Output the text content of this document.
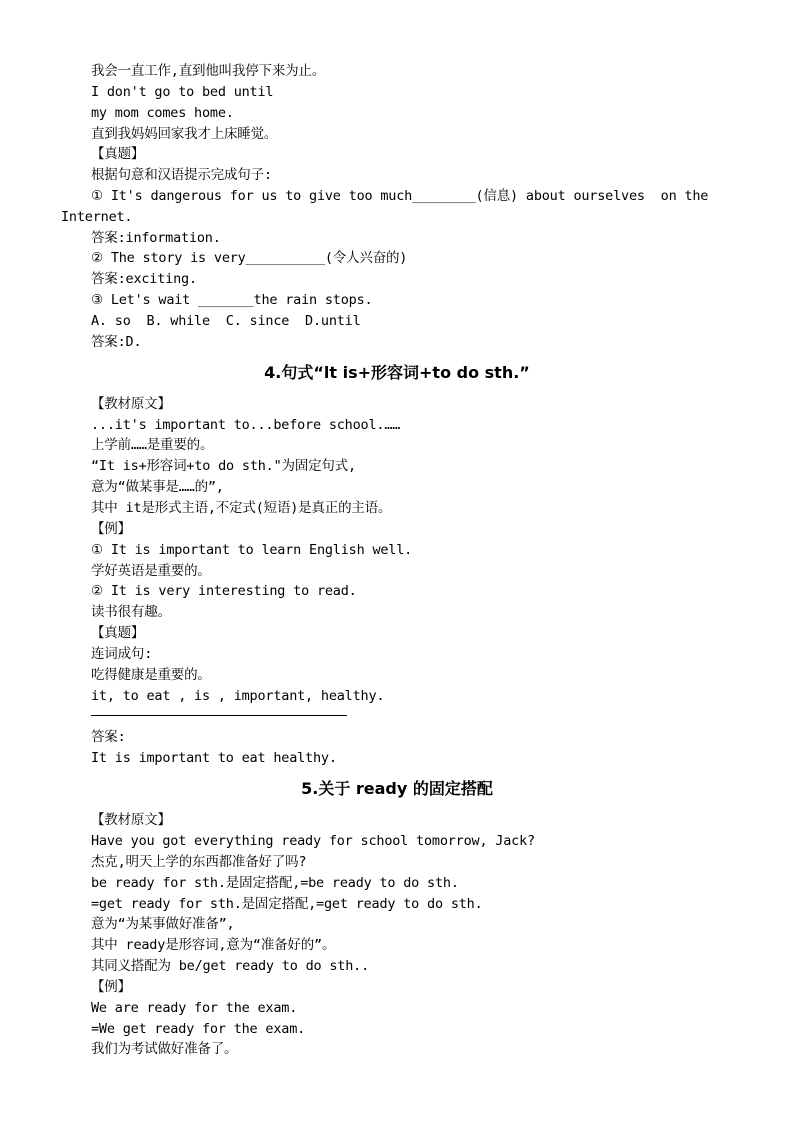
我会一直工作,直到他叫我停下来为止。

I don't go to bed until

my mom comes home.

直到我妈妈回家我才上床睡觉。

【真题】

根据句意和汉语提示完成句子:

① It's dangerous for us to give too much________(信息) about ourselves  on the

Internet.

答案:information.

② The story is very__________(令人兴奋的)

答案:exciting.

③ Let's wait _______the rain stops.

A. so  B. while  C. since  D.until

答案:D.

4.句式“lt is+形容词+to do sth.”

【教材原文】

...it's important to...before school.……

上学前……是重要的。

“It is+形容词+to do sth."为固定句式,

意为“做某事是……的”,

其中 it是形式主语,不定式(短语)是真正的主语。

【例】

① It is important to learn English well.

学好英语是重要的。

② It is very interesting to read.

读书很有趣。

【真题】

连词成句:

吃得健康是重要的。

it, to eat , is , important, healthy.

答案:

It is important to eat healthy.

5.关于 ready 的固定搭配

【教材原文】

Have you got everything ready for school tomorrow, Jack?

杰克,明天上学的东西都准备好了吗?

be ready for sth.是固定搭配,=be ready to do sth.

=get ready for sth.是固定搭配,=get ready to do sth.

意为“为某事做好准备”,

其中 ready是形容词,意为“准备好的”。

其同义搭配为 be/get ready to do sth..

【例】

We are ready for the exam.

=We get ready for the exam.

我们为考试做好准备了。
